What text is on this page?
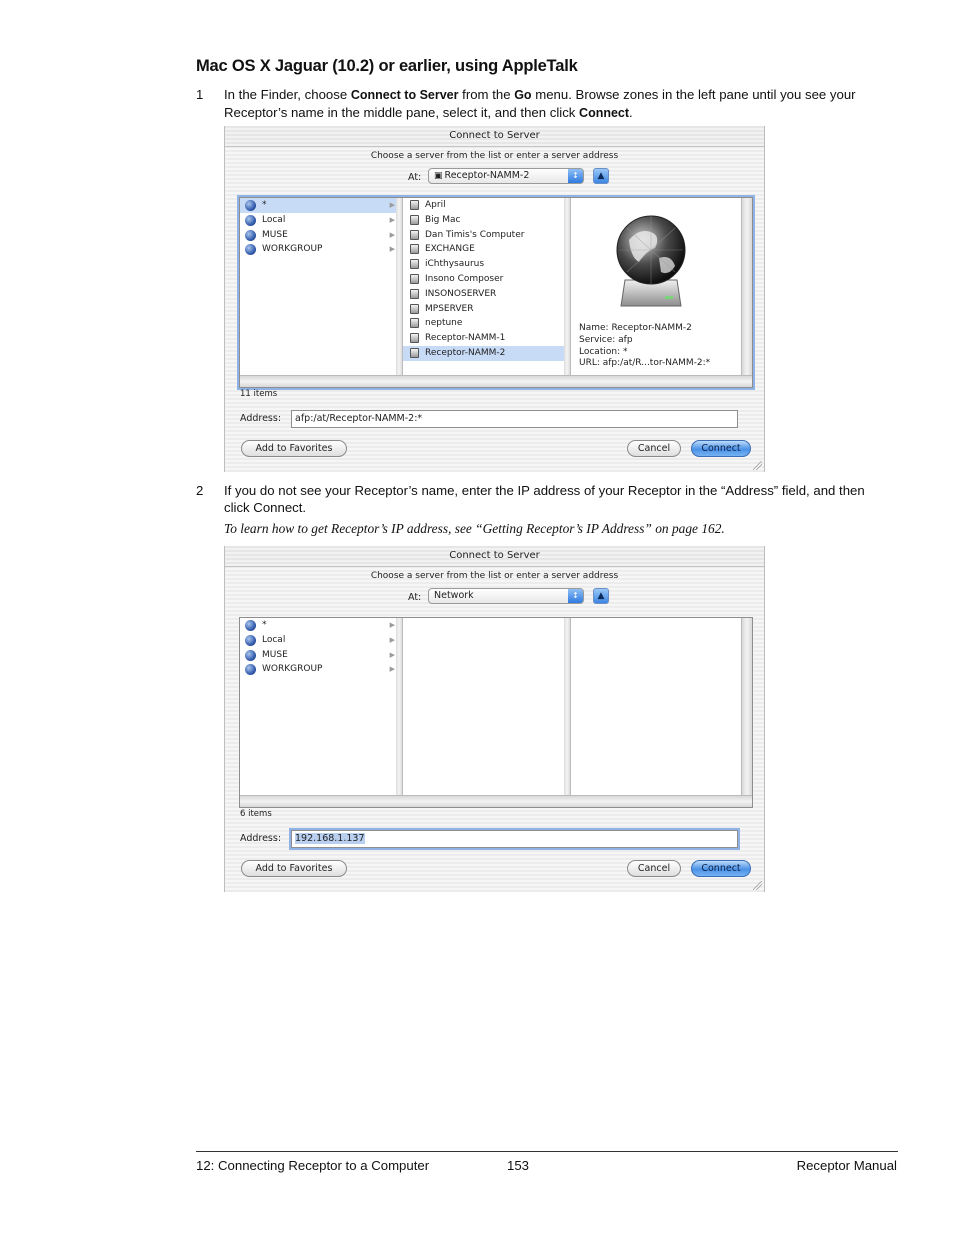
Mac OS X Jaguar (10.2) or earlier, using AppleTalk
1 In the Finder, choose Connect to Server from the Go menu. Browse zones in the left pane until you see your Receptor’s name in the middle pane, select it, and then click Connect.
Connect to Server
Choose a server from the list or enter a server address
At:	▣ Receptor-NAMM-2	↕	▲
*	▶
Local	▶
MUSE	▶
WORKGROUP	▶
April
Big Mac
Dan Timis's Computer
EXCHANGE
iChthysaurus
Insono Composer
INSONOSERVER
MPSERVER
neptune
Receptor-NAMM-1
Receptor-NAMM-2
Name: Receptor-NAMM-2
Service: afp
Location: *
URL: afp:/at/R...tor-NAMM-2:*
11 items
Address:	afp:/at/Receptor-NAMM-2:*
Add to Favorites	Cancel	Connect
2 If you do not see your Receptor’s name, enter the IP address of your Receptor in the “Address” field, and then click Connect.
To learn how to get Receptor’s IP address, see “Getting Receptor’s IP Address” on page 162.
Connect to Server
Choose a server from the list or enter a server address
At:	Network	↕	▲
*	▶
Local	▶
MUSE	▶
WORKGROUP	▶
6 items
Address:	192.168.1.137
Add to Favorites	Cancel	Connect
12: Connecting Receptor to a Computer	153	Receptor Manual
